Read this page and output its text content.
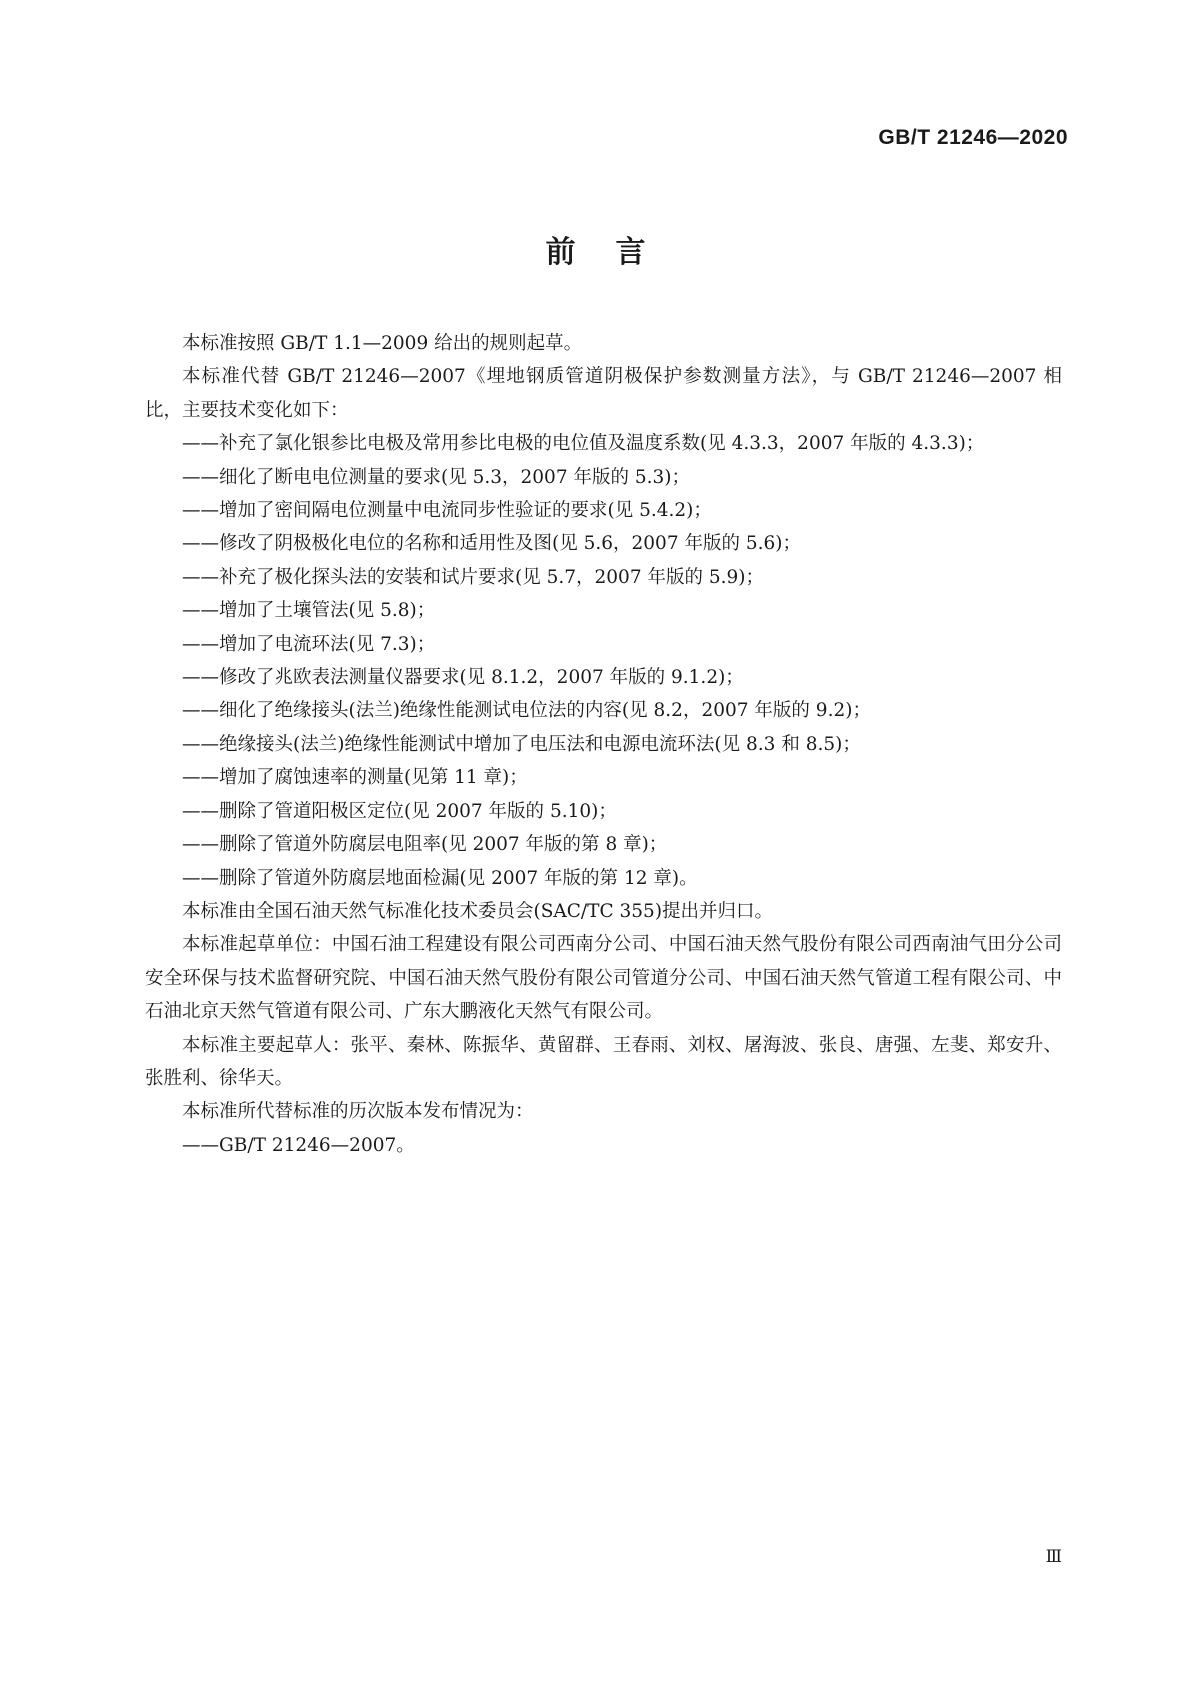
GB/T 21246—2020
前言

本标准按照 GB/T 1.1—2009 给出的规则起草。

本标准代替 GB/T 21246—2007《埋地钢质管道阴极保护参数测量方法》，与 GB/T 21246—2007 相比，主要技术变化如下：

——补充了氯化银参比电极及常用参比电极的电位值及温度系数(见 4.3.3，2007 年版的 4.3.3)；
——细化了断电电位测量的要求(见 5.3，2007 年版的 5.3)；
——增加了密间隔电位测量中电流同步性验证的要求(见 5.4.2)；
——修改了阴极极化电位的名称和适用性及图(见 5.6，2007 年版的 5.6)；
——补充了极化探头法的安装和试片要求(见 5.7，2007 年版的 5.9)；
——增加了土壤管法(见 5.8)；
——增加了电流环法(见 7.3)；
——修改了兆欧表法测量仪器要求(见 8.1.2，2007 年版的 9.1.2)；
——细化了绝缘接头(法兰)绝缘性能测试电位法的内容(见 8.2，2007 年版的 9.2)；
——绝缘接头(法兰)绝缘性能测试中增加了电压法和电源电流环法(见 8.3 和 8.5)；
——增加了腐蚀速率的测量(见第 11 章)；
——删除了管道阳极区定位(见 2007 年版的 5.10)；
——删除了管道外防腐层电阻率(见 2007 年版的第 8 章)；
——删除了管道外防腐层地面检漏(见 2007 年版的第 12 章)。

本标准由全国石油天然气标准化技术委员会(SAC/TC 355)提出并归口。

本标准起草单位：中国石油工程建设有限公司西南分公司、中国石油天然气股份有限公司西南油气田分公司安全环保与技术监督研究院、中国石油天然气股份有限公司管道分公司、中国石油天然气管道工程有限公司、中石油北京天然气管道有限公司、广东大鹏液化天然气有限公司。

本标准主要起草人：张平、秦林、陈振华、黄留群、王春雨、刘权、屠海波、张良、唐强、左斐、郑安升、张胜利、徐华天。

本标准所代替标准的历次版本发布情况为：

——GB/T 21246—2007。
Ⅲ
